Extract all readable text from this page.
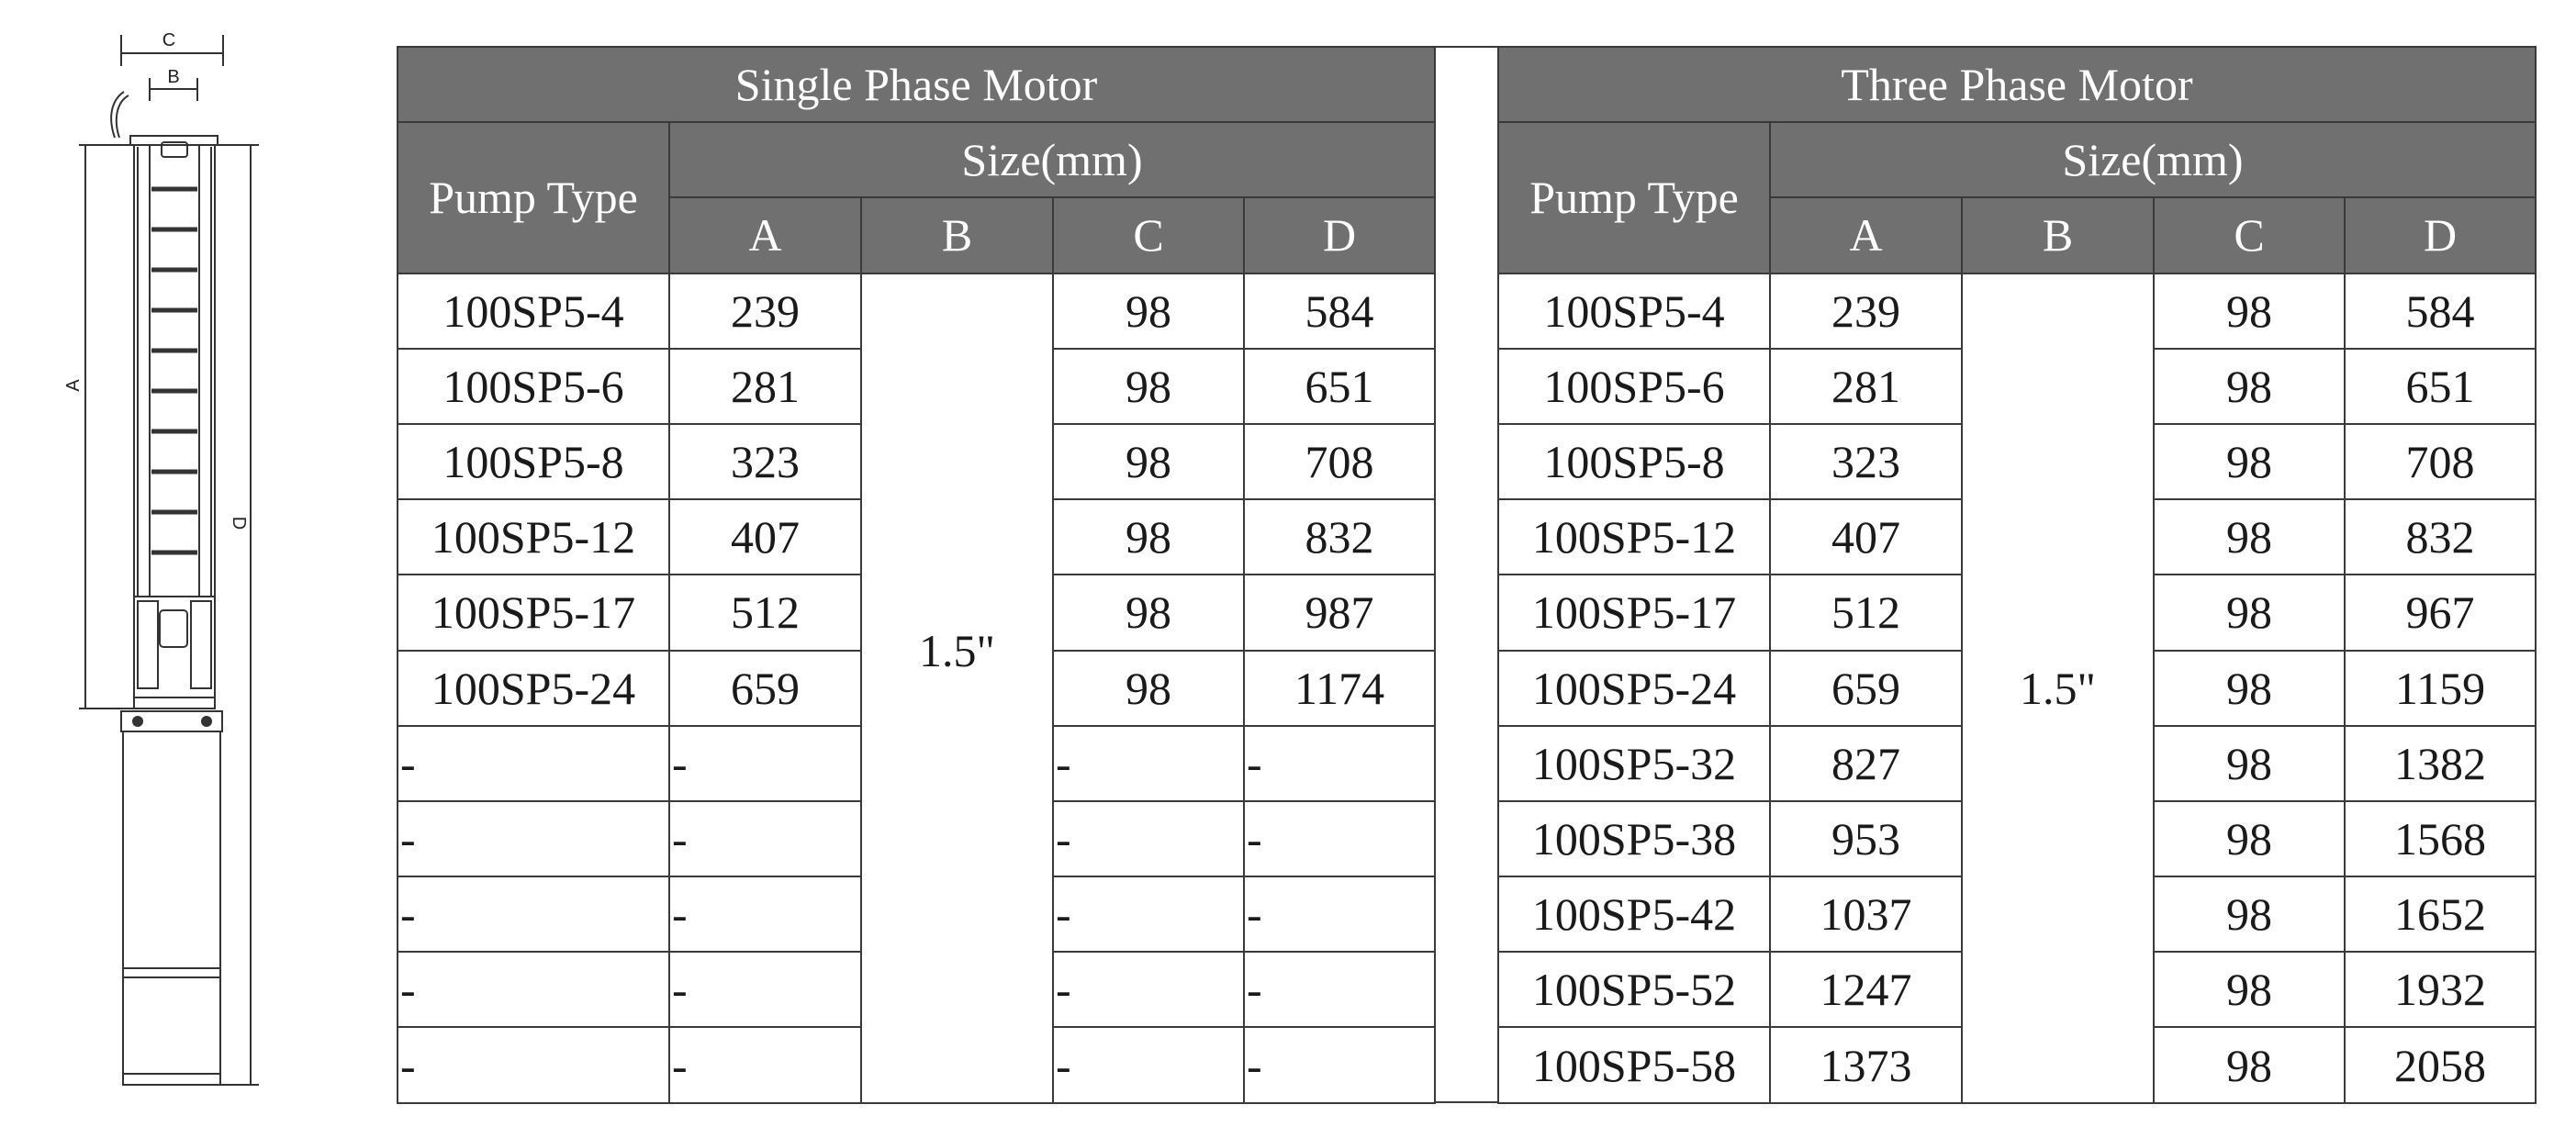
C
B
A
D
Single Phase Motor				
Pump Type	Size(mm)			
	A	B	C	D
100SP5-4	239	1.5"	98	584
100SP5-6	281		98	651
100SP5-8	323		98	708
100SP5-12	407		98	832
100SP5-17	512		98	987
100SP5-24	659		98	1174
-	-		-	-
-	-		-	-
-	-		-	-
-	-		-	-
-	-		-	-
Three Phase Motor				
Pump Type	Size(mm)			
	A	B	C	D
100SP5-4	239	1.5"	98	584
100SP5-6	281		98	651
100SP5-8	323		98	708
100SP5-12	407		98	832
100SP5-17	512		98	967
100SP5-24	659		98	1159
100SP5-32	827		98	1382
100SP5-38	953		98	1568
100SP5-42	1037		98	1652
100SP5-52	1247		98	1932
100SP5-58	1373		98	2058
